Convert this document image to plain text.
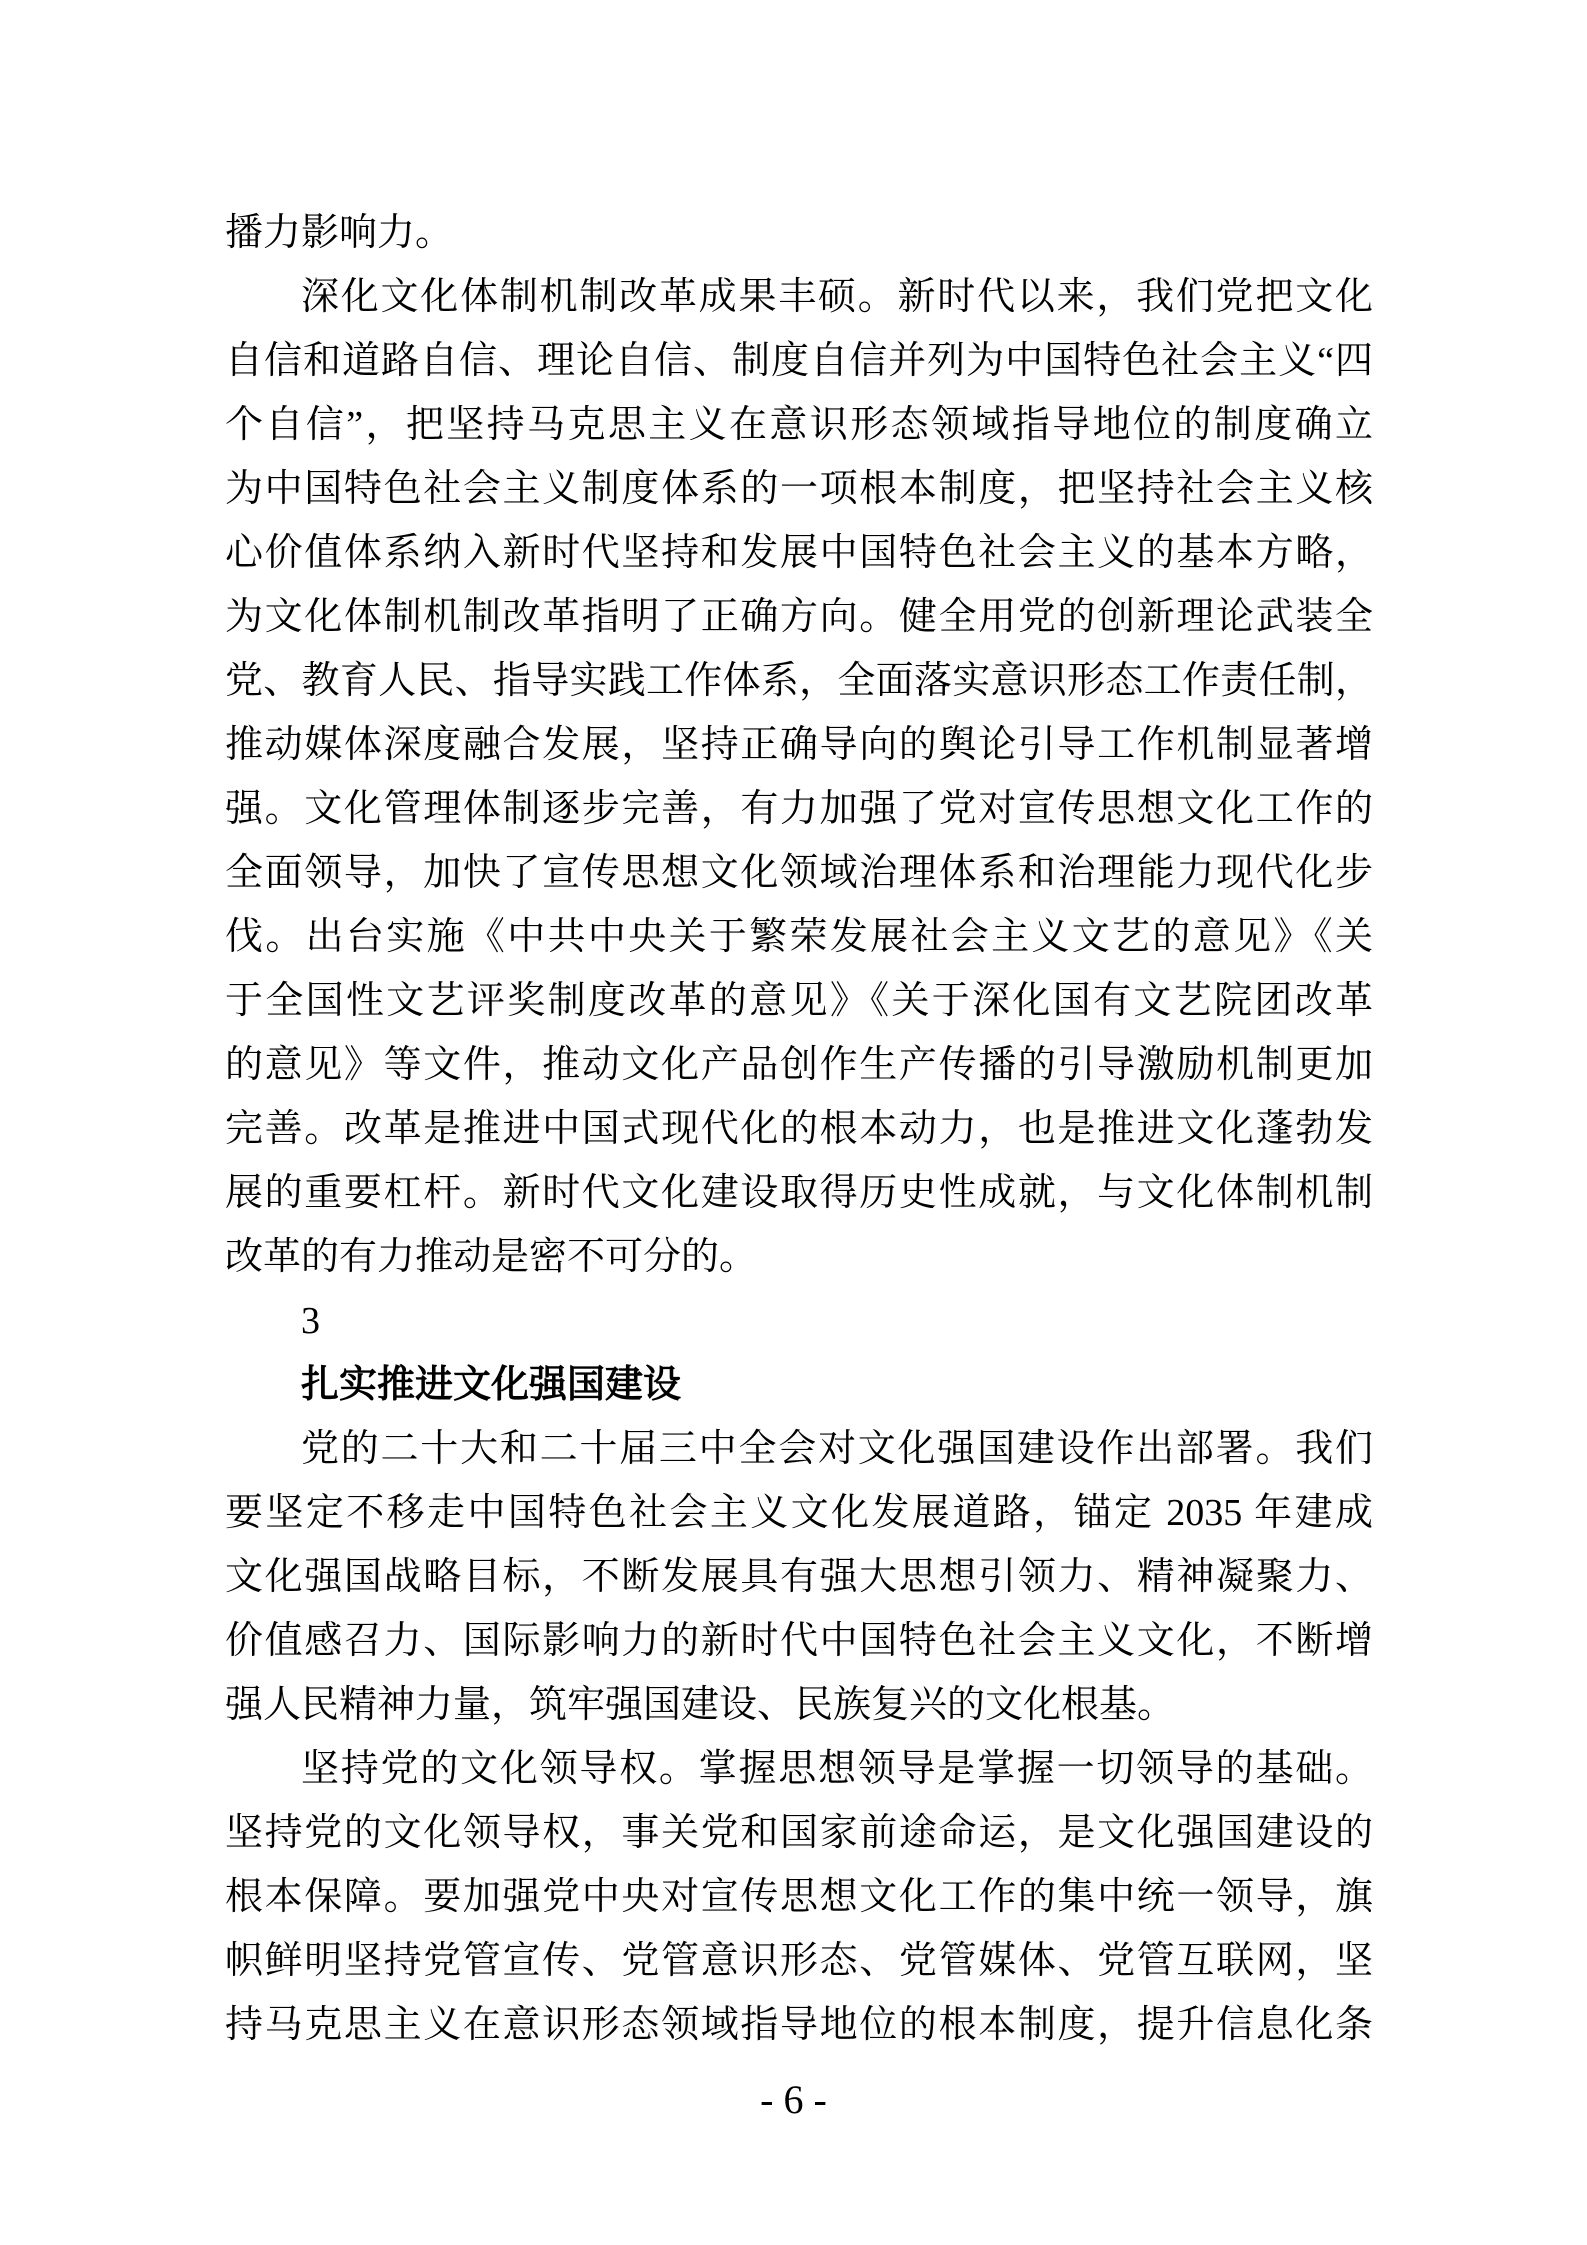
播力影响力。
深化文化体制机制改革成果丰硕。新时代以来，我们党把文化
自信和道路自信、理论自信、制度自信并列为中国特色社会主义“四
个自信”，把坚持马克思主义在意识形态领域指导地位的制度确立
为中国特色社会主义制度体系的一项根本制度，把坚持社会主义核
心价值体系纳入新时代坚持和发展中国特色社会主义的基本方略，
为文化体制机制改革指明了正确方向。健全用党的创新理论武装全
党、教育人民、指导实践工作体系，全面落实意识形态工作责任制，
推动媒体深度融合发展，坚持正确导向的舆论引导工作机制显著增
强。文化管理体制逐步完善，有力加强了党对宣传思想文化工作的
全面领导，加快了宣传思想文化领域治理体系和治理能力现代化步
伐。出台实施《中共中央关于繁荣发展社会主义文艺的意见》《关
于全国性文艺评奖制度改革的意见》《关于深化国有文艺院团改革
的意见》等文件，推动文化产品创作生产传播的引导激励机制更加
完善。改革是推进中国式现代化的根本动力，也是推进文化蓬勃发
展的重要杠杆。新时代文化建设取得历史性成就，与文化体制机制
改革的有力推动是密不可分的。
3
扎实推进文化强国建设
党的二十大和二十届三中全会对文化强国建设作出部署。我们
要坚定不移走中国特色社会主义文化发展道路，锚定 2035 年建成
文化强国战略目标，不断发展具有强大思想引领力、精神凝聚力、
价值感召力、国际影响力的新时代中国特色社会主义文化，不断增
强人民精神力量，筑牢强国建设、民族复兴的文化根基。
坚持党的文化领导权。掌握思想领导是掌握一切领导的基础。
坚持党的文化领导权，事关党和国家前途命运，是文化强国建设的
根本保障。要加强党中央对宣传思想文化工作的集中统一领导，旗
帜鲜明坚持党管宣传、党管意识形态、党管媒体、党管互联网，坚
持马克思主义在意识形态领域指导地位的根本制度，提升信息化条
- 6 -
